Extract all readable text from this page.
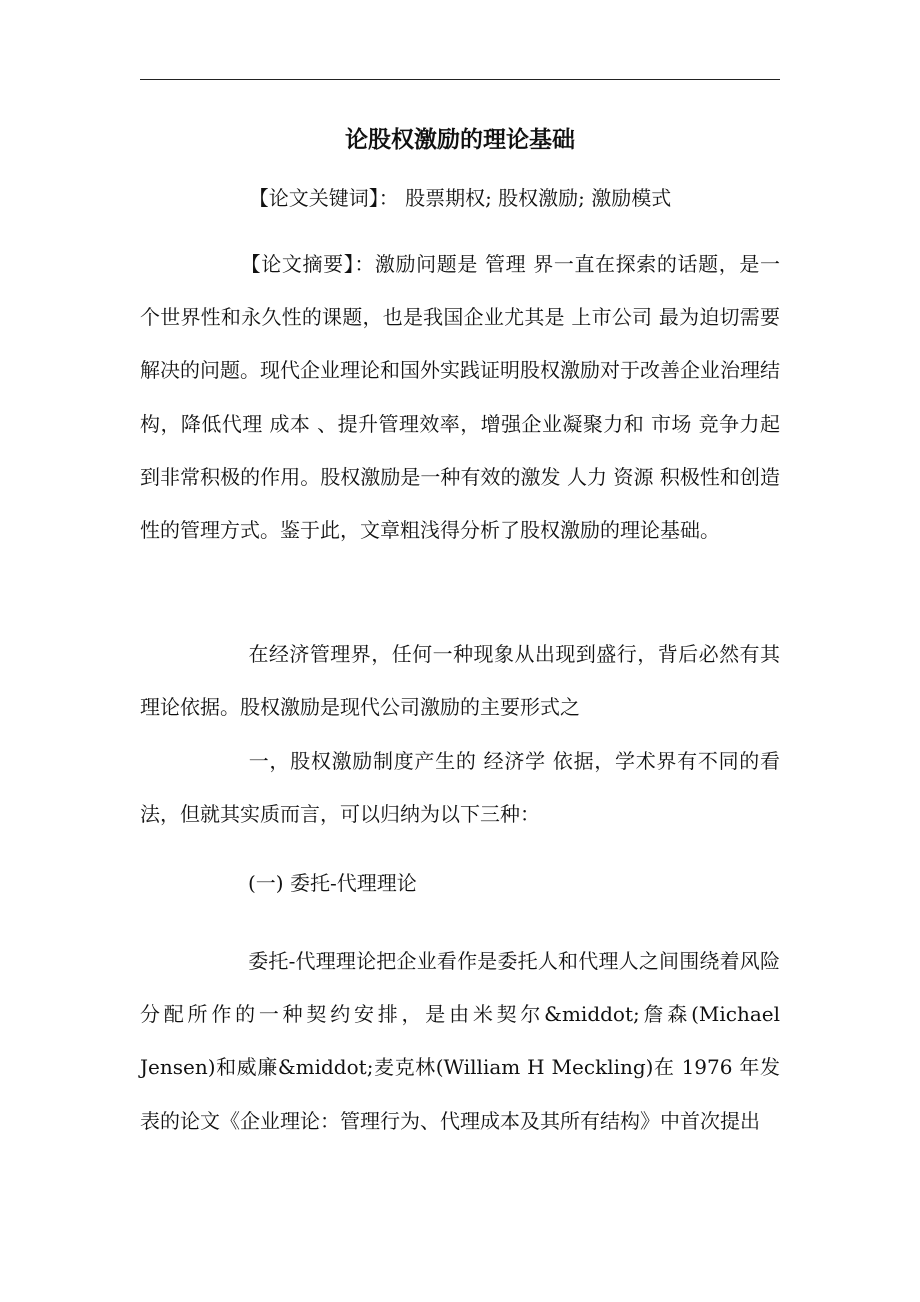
论股权激励的理论基础
【论文关键词】： 股票期权; 股权激励; 激励模式

【论文摘要】：激励问题是 管理 界一直在探索的话题，是一个世界性和永久性的课题，也是我国企业尤其是 上市公司 最为迫切需要解决的问题。现代企业理论和国外实践证明股权激励对于改善企业治理结构，降低代理 成本 、提升管理效率，增强企业凝聚力和 市场 竞争力起到非常积极的作用。股权激励是一种有效的激发 人力 资源 积极性和创造性的管理方式。鉴于此，文章粗浅得分析了股权激励的理论基础。

在经济管理界，任何一种现象从出现到盛行，背后必然有其理论依据。股权激励是现代公司激励的主要形式之

一，股权激励制度产生的 经济学 依据，学术界有不同的看法，但就其实质而言，可以归纳为以下三种：

(一) 委托-代理理论

委托-代理理论把企业看作是委托人和代理人之间围绕着风险分配所作的一种契约安排，是由米契尔&middot;詹森(Michael Jensen)和威廉&middot;麦克林(William H Meckling)在 1976 年发表的论文《企业理论：管理行为、代理成本及其所有结构》中首次提出
